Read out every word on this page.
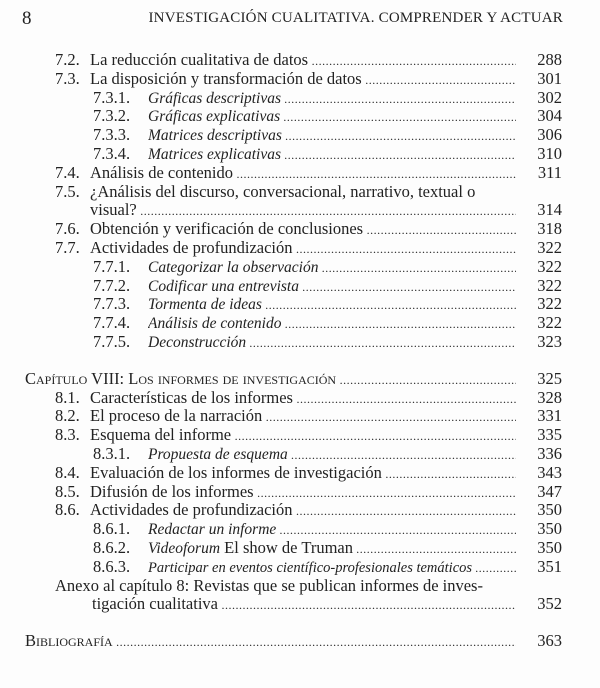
8	INVESTIGACIÓN CUALITATIVA. COMPRENDER Y ACTUAR
7.2. La reducción cualitativa de datos .....	288
7.3. La disposición y transformación de datos .....	301
7.3.1.	Gráficas descriptivas .....	302
7.3.2.	Gráficas explicativas .....	304
7.3.3.	Matrices descriptivas .....	306
7.3.4.	Matrices explicativas .....	310
7.4. Análisis de contenido .....	311
7.5. ¿Análisis del discurso, conversacional, narrativo, textual o
visual? .....	314
7.6. Obtención y verificación de conclusiones .....	318
7.7. Actividades de profundización .....	322
7.7.1.	Categorizar la observación .....	322
7.7.2.	Codificar una entrevista .....	322
7.7.3.	Tormenta de ideas .....	322
7.7.4.	Análisis de contenido .....	322
7.7.5.	Deconstrucción .....	323
Capítulo VIII: Los informes de investigación .....	325
8.1. Características de los informes .....	328
8.2. El proceso de la narración .....	331
8.3. Esquema del informe .....	335
8.3.1.	Propuesta de esquema .....	336
8.4. Evaluación de los informes de investigación .....	343
8.5. Difusión de los informes .....	347
8.6. Actividades de profundización .....	350
8.6.1.	Redactar un informe .....	350
8.6.2.	Videoforum El show de Truman .....	350
8.6.3.	Participar en eventos científico-profesionales temáticos .....	351
Anexo al capítulo 8: Revistas que se publican informes de inves-
tigación cualitativa .....	352
Bibliografía .....	363
